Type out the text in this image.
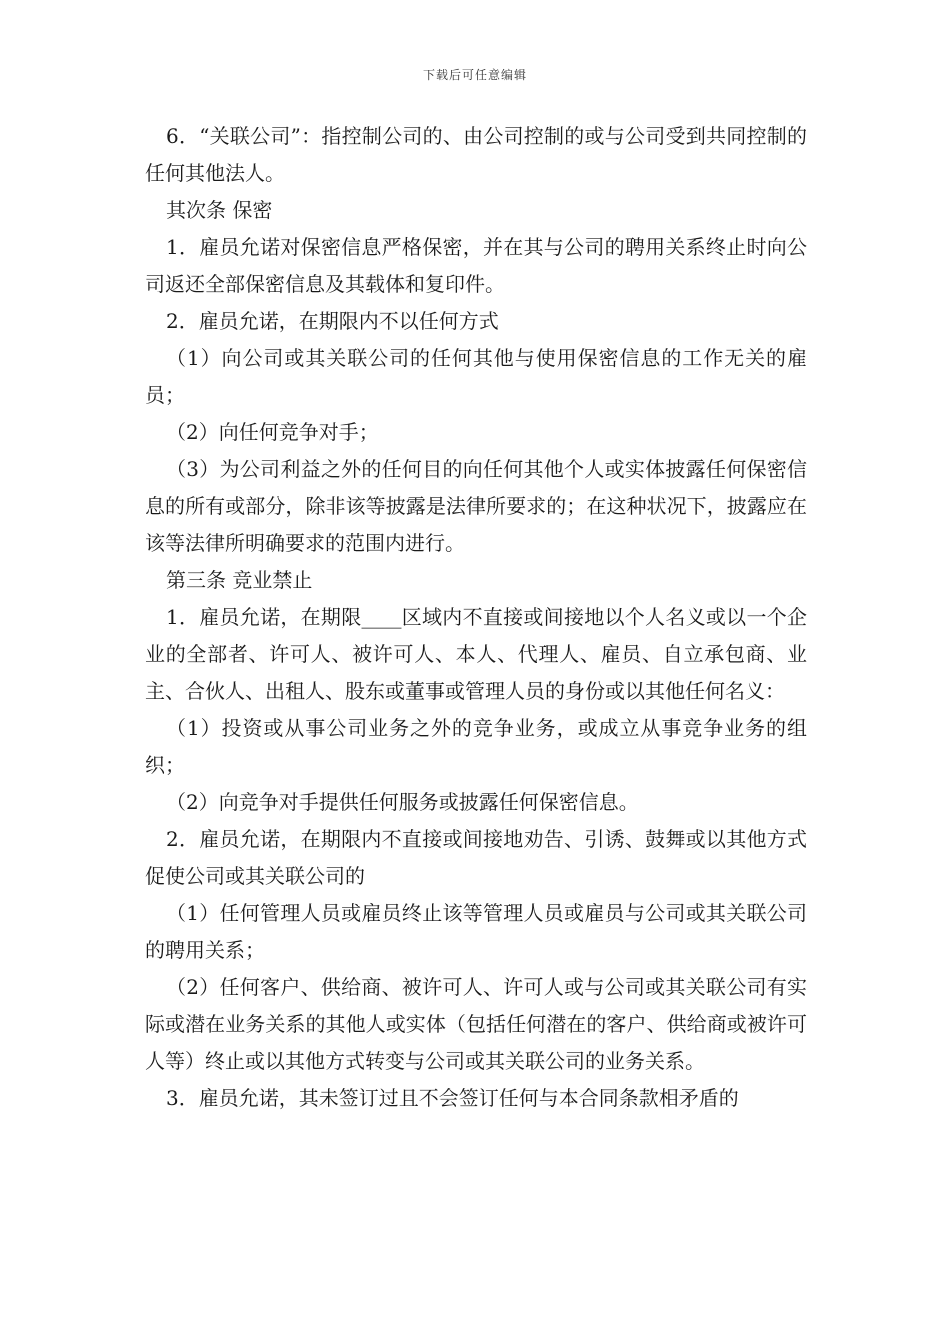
下载后可任意编辑

6．“关联公司”：指控制公司的、由公司控制的或与公司受到共同控制的任何其他法人。

其次条 保密

1．雇员允诺对保密信息严格保密，并在其与公司的聘用关系终止时向公司返还全部保密信息及其载体和复印件。

2．雇员允诺，在期限内不以任何方式

（1）向公司或其关联公司的任何其他与使用保密信息的工作无关的雇员；

（2）向任何竞争对手；

（3）为公司利益之外的任何目的向任何其他个人或实体披露任何保密信息的所有或部分，除非该等披露是法律所要求的；在这种状况下，披露应在该等法律所明确要求的范围内进行。

第三条 竞业禁止

1．雇员允诺，在期限____区域内不直接或间接地以个人名义或以一个企业的全部者、许可人、被许可人、本人、代理人、雇员、自立承包商、业主、合伙人、出租人、股东或董事或管理人员的身份或以其他任何名义：

（1）投资或从事公司业务之外的竞争业务，或成立从事竞争业务的组织；

（2）向竞争对手提供任何服务或披露任何保密信息。

2．雇员允诺，在期限内不直接或间接地劝告、引诱、鼓舞或以其他方式促使公司或其关联公司的

（1）任何管理人员或雇员终止该等管理人员或雇员与公司或其关联公司的聘用关系；

（2）任何客户、供给商、被许可人、许可人或与公司或其关联公司有实际或潜在业务关系的其他人或实体（包括任何潜在的客户、供给商或被许可人等）终止或以其他方式转变与公司或其关联公司的业务关系。

3．雇员允诺，其未签订过且不会签订任何与本合同条款相矛盾的
